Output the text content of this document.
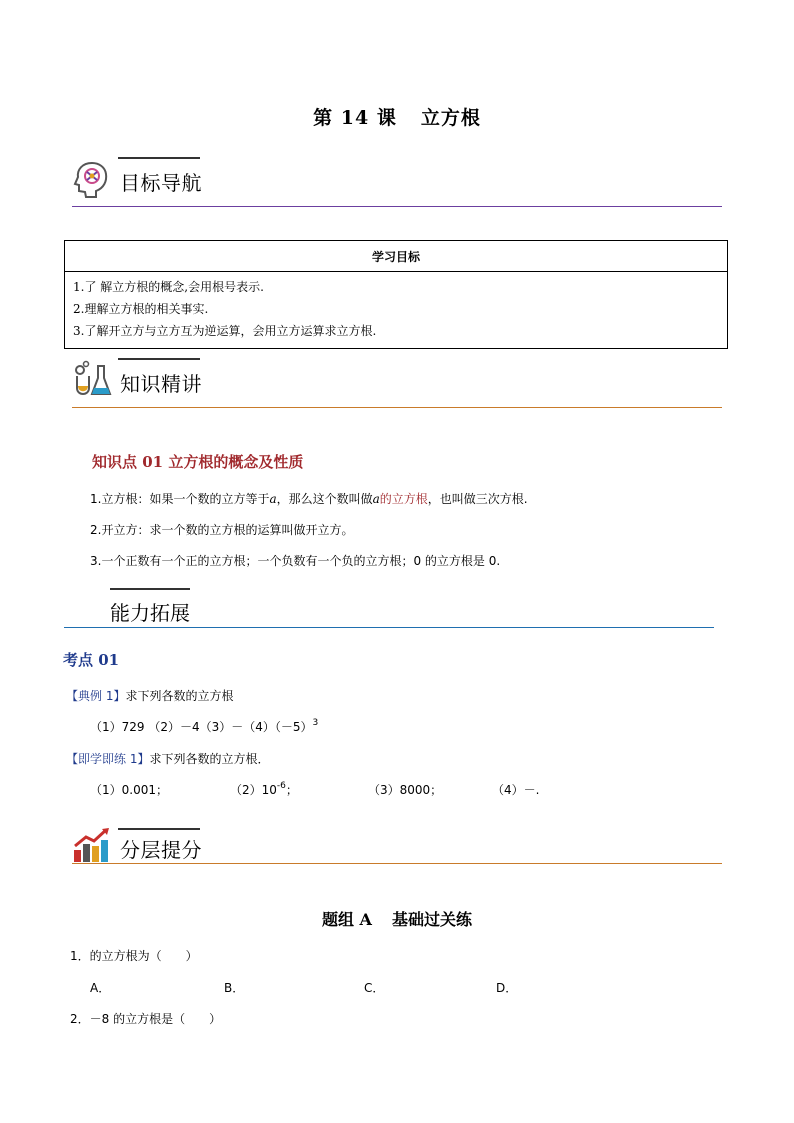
第 14 课 立方根
目标导航
学习目标

1.了 解立方根的概念,会用根号表示.
2.理解立方根的相关事实.
3.了解开立方与立方互为逆运算，会用立方运算求立方根.
知识精讲
知识点 01 立方根的概念及性质
1.立方根：如果一个数的立方等于a，那么这个数叫做a的立方根，也叫做三次方根.
2.开立方：求一个数的立方根的运算叫做开立方。
3.一个正数有一个正的立方根；一个负数有一个负的立方根；0 的立方根是 0.
能力拓展
考点 01
【典例 1】求下列各数的立方根
（1）729 $(2)-4(3)-(4)(-5)^3$
【即学即练 1】求下列各数的立方根．
（1）0.001；	$(2)10^{-6}$；	（3）8000；	（4）－.
分层提分
题组 A 基础过关练
1．的立方根为（　　）
A．	B．	C．	D．
2．－8 的立方根是（　　）
